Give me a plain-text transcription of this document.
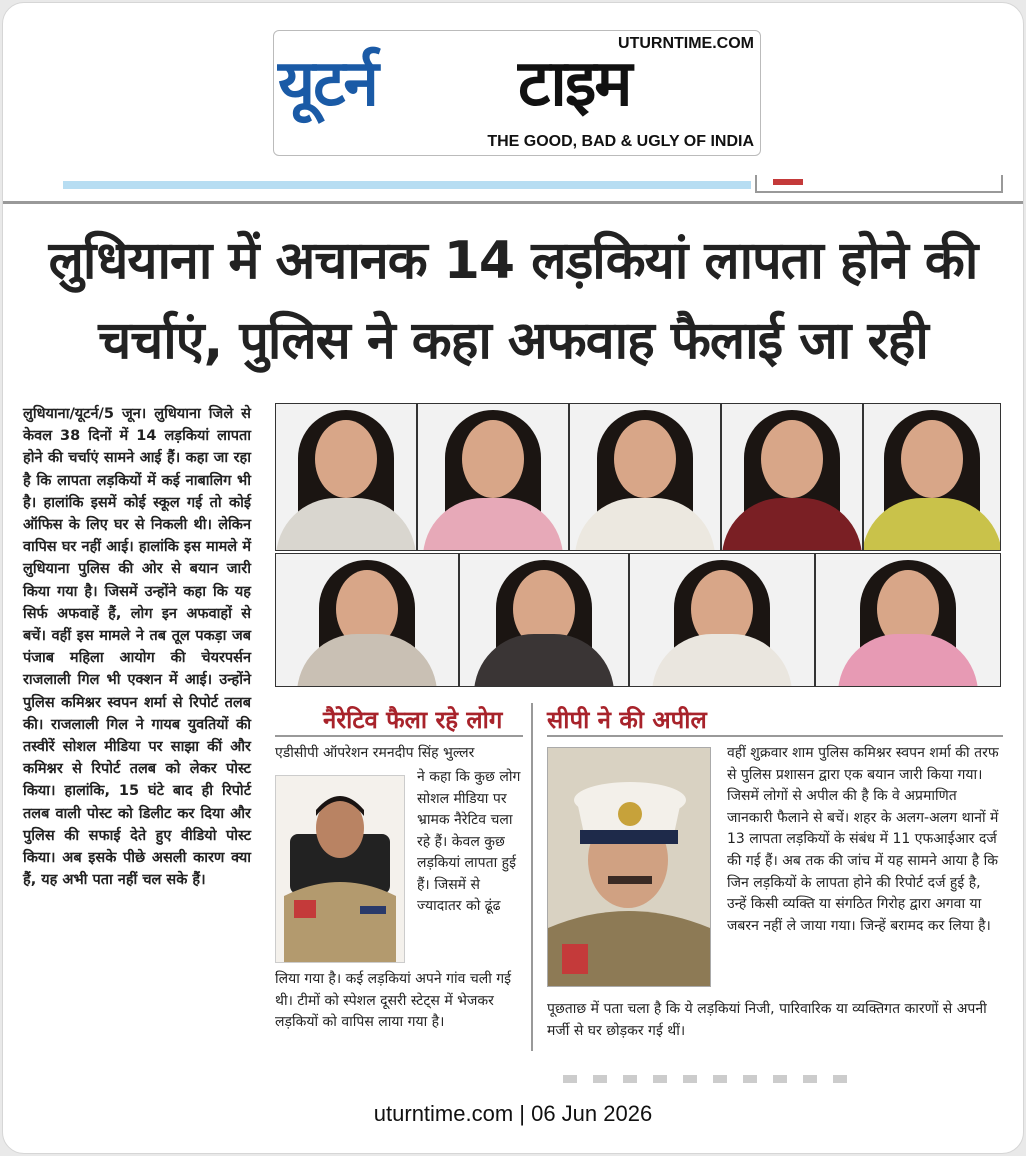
यूटर्न टाइम
UTURNTIME.COM
THE GOOD, BAD & UGLY OF INDIA
लुधियाना में अचानक 14 लड़कियां लापता होने की चर्चाएं, पुलिस ने कहा अफवाह फैलाई जा रही
लुधियाना/यूटर्न/5 जून। लुधियाना जिले से केवल 38 दिनों में 14 लड़कियां लापता होने की चर्चाएं सामने आई हैं। कहा जा रहा है कि लापता लड़कियों में कई नाबालिग भी है। हालांकि इसमें कोई स्कूल गई तो कोई ऑफिस के लिए घर से निकली थी। लेकिन वापिस घर नहीं आई। हालांकि इस मामले में लुधियाना पुलिस की ओर से बयान जारी किया गया है। जिसमें उन्होंने कहा कि यह सिर्फ अफवाहें हैं, लोग इन अफवाहों से बचें। वहीं इस मामले ने तब तूल पकड़ा जब पंजाब महिला आयोग की चेयरपर्सन राजलाली गिल भी एक्शन में आई। उन्होंने पुलिस कमिश्नर स्वपन शर्मा से रिपोर्ट तलब की। राजलाली गिल ने गायब युवतियों की तस्वीरें सोशल मीडिया पर साझा कीं और कमिश्नर से रिपोर्ट तलब को लेकर पोस्ट किया। हालांकि, 15 घंटे बाद ही रिपोर्ट तलब वाली पोस्ट को डिलीट कर दिया और पुलिस की सफाई देते हुए वीडियो पोस्ट किया। अब इसके पीछे असली कारण क्या हैं, यह अभी पता नहीं चल सके हैं।
नैरेटिव फैला रहे लोग
एडीसीपी ऑपरेशन रमनदीप सिंह भुल्लर
ने कहा कि कुछ लोग सोशल मीडिया पर भ्रामक नैरेटिव चला रहे हैं। केवल कुछ लड़कियां लापता हुई हैं। जिसमें से ज्यादातर को ढूंढ
लिया गया है। कई लड़कियां अपने गांव चली गई थी। टीमों को स्पेशल दूसरी स्टेट्स में भेजकर लड़कियों को वापिस लाया गया है।
सीपी ने की अपील
वहीं शुक्रवार शाम पुलिस कमिश्नर स्वपन शर्मा की तरफ से पुलिस प्रशासन द्वारा एक बयान जारी किया गया। जिसमें लोगों से अपील की है कि वे अप्रमाणित जानकारी फैलाने से बचें। शहर के अलग-अलग थानों में 13 लापता लड़कियों के संबंध में 11 एफआईआर दर्ज की गई हैं। अब तक की जांच में यह सामने आया है कि जिन लड़कियों के लापता होने की रिपोर्ट दर्ज हुई है, उन्हें किसी व्यक्ति या संगठित गिरोह द्वारा अगवा या जबरन नहीं ले जाया गया। जिन्हें बरामद कर लिया है।
पूछताछ में पता चला है कि ये लड़कियां निजी, पारिवारिक या व्यक्तिगत कारणों से अपनी मर्जी से घर छोड़कर गई थीं।
uturntime.com | 06 Jun 2026
